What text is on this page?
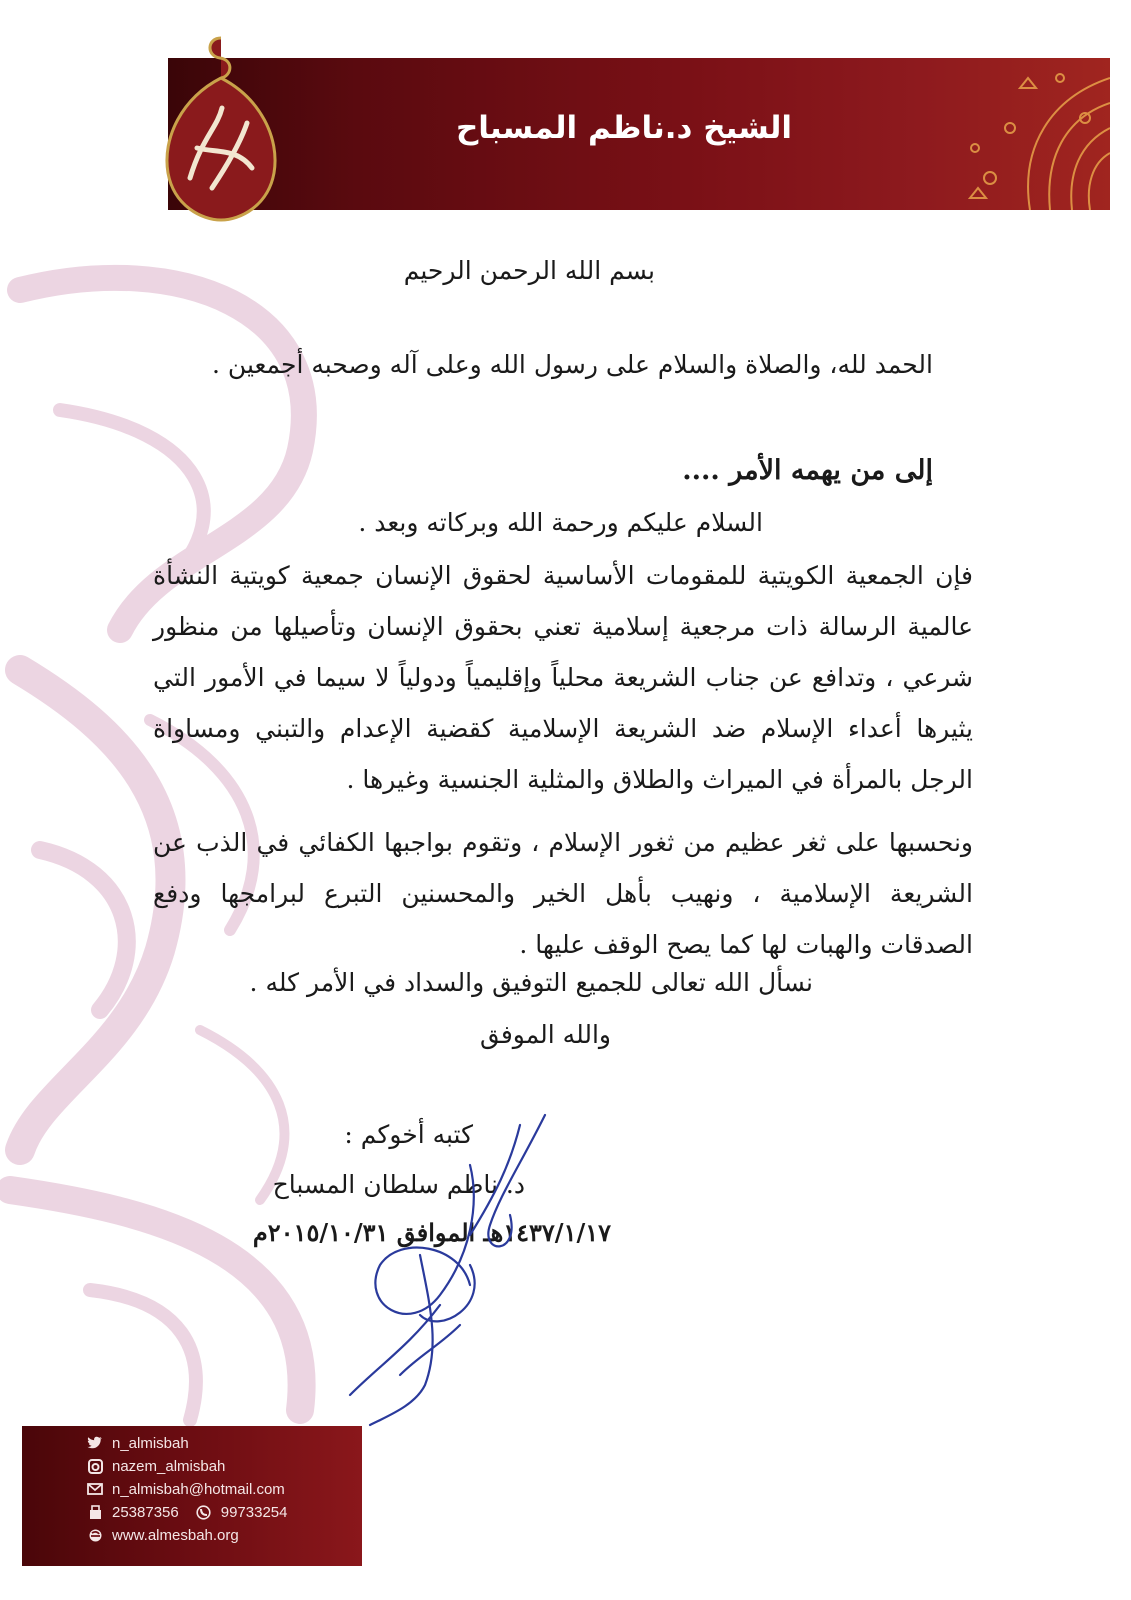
الشيخ د.ناظم المسباح
بسم الله الرحمن الرحيم
الحمد لله، والصلاة والسلام على رسول الله وعلى آله وصحبه أجمعين .
إلى من يهمه الأمر ....
السلام عليكم ورحمة الله وبركاته وبعد .
فإن الجمعية الكويتية للمقومات الأساسية لحقوق الإنسان جمعية كويتية النشأة عالمية الرسالة ذات مرجعية إسلامية تعني بحقوق الإنسان وتأصيلها من منظور شرعي ، وتدافع عن جناب الشريعة محلياً وإقليمياً ودولياً لا سيما في الأمور التي يثيرها أعداء الإسلام ضد الشريعة الإسلامية كقضية الإعدام والتبني ومساواة الرجل بالمرأة في الميراث والطلاق والمثلية الجنسية وغيرها .
ونحسبها على ثغر عظيم من ثغور الإسلام ، وتقوم بواجبها الكفائي في الذب عن الشريعة الإسلامية ، ونهيب بأهل الخير والمحسنين التبرع لبرامجها ودفع الصدقات والهبات لها كما يصح الوقف عليها .
نسأل الله تعالى للجميع التوفيق والسداد في الأمر كله .
والله الموفق
كتبه أخوكم :
د. ناظم سلطان المسباح
١٤٣٧/١/١٧هـ الموافق ٢٠١٥/١٠/٣١م
n_almisbah
nazem_almisbah
n_almisbah@hotmail.com
25387356	99733254
www.almesbah.org
